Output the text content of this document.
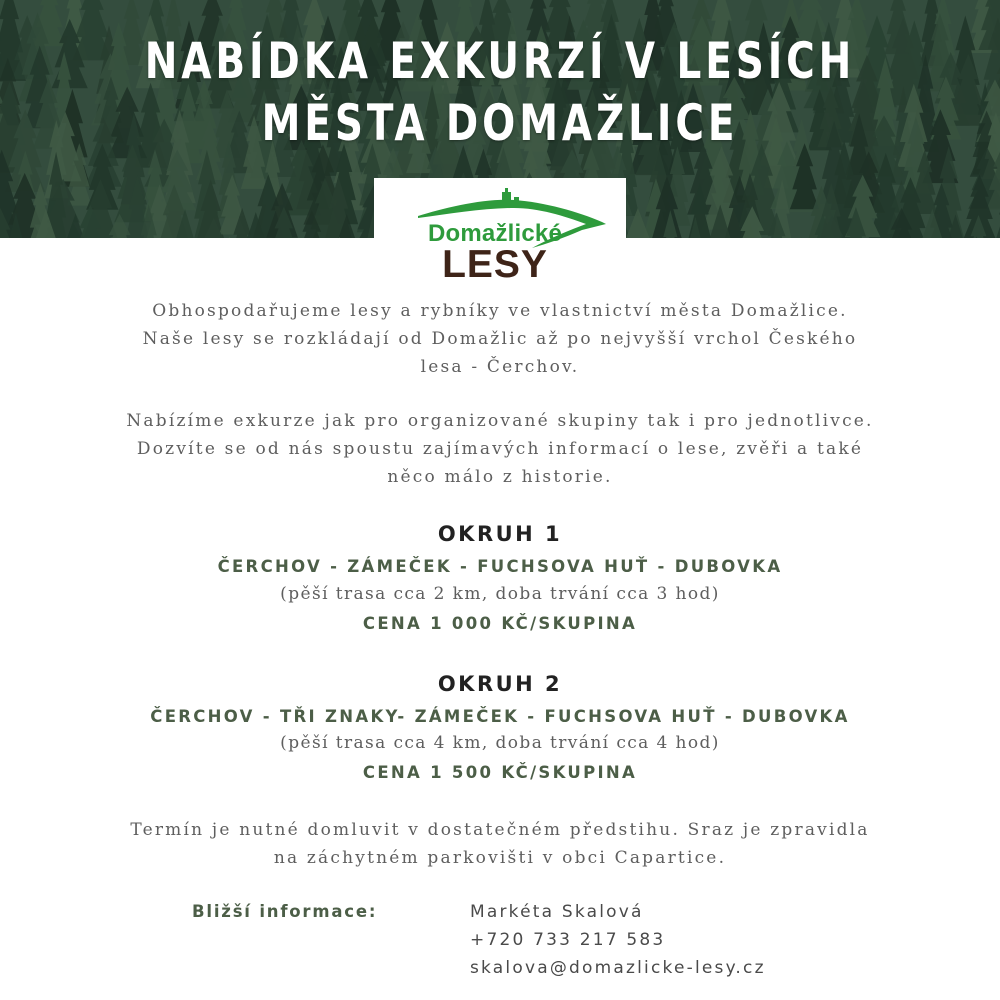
NABÍDKA EXKURZÍ V LESÍCH
MĚSTA DOMAŽLICE
Domažlické
LESY
Obhospodařujeme lesy a rybníky ve vlastnictví města Domažlice.
Naše lesy se rozkládají od Domažlic až po nejvyšší vrchol Českého
lesa - Čerchov.
Nabízíme exkurze jak pro organizované skupiny tak i pro jednotlivce.
Dozvíte se od nás spoustu zajímavých informací o lese, zvěři a také
něco málo z historie.
OKRUH 1
ČERCHOV - ZÁMEČEK - FUCHSOVA HUŤ - DUBOVKA
(pěší trasa cca 2 km, doba trvání cca 3 hod)
CENA 1 000 KČ/SKUPINA
OKRUH 2
ČERCHOV - TŘI ZNAKY- ZÁMEČEK - FUCHSOVA HUŤ - DUBOVKA
(pěší trasa cca 4 km, doba trvání cca 4 hod)
CENA 1 500 KČ/SKUPINA
Termín je nutné domluvit v dostatečném předstihu. Sraz je zpravidla
na záchytném parkovišti v obci Capartice.
Bližší informace:	Markéta Skalová
+720 733 217 583
skalova@domazlicke-lesy.cz
